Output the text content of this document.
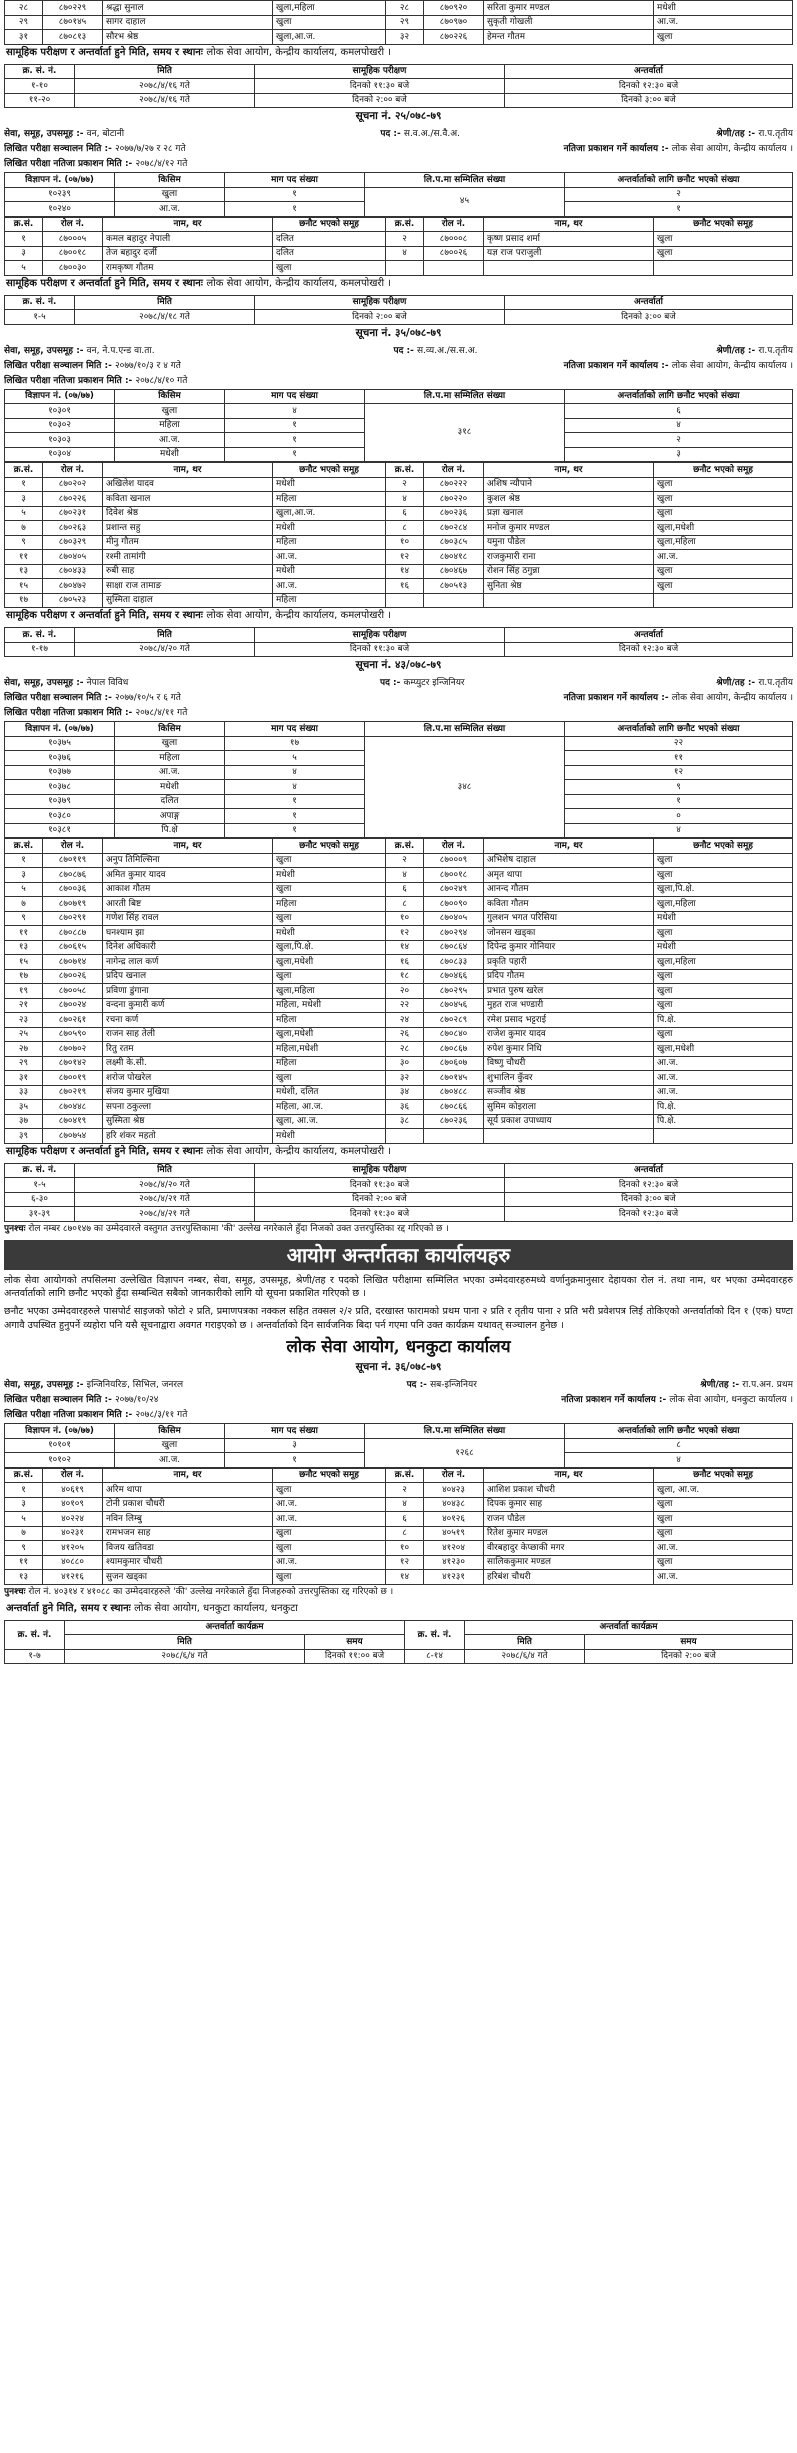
२८	८७०२२९	श्रद्धा सुनाल	खुला,महिला	२८	८७०९२०	सरिता कुमार मण्डल	मधेशी
२९	८७०१४५	सागर दाहाल	खुला	२९	८७०९७०	सुकृती गोखली	आ.ज.
३१	८७०८१३	सौरभ श्रेष्ठ	खुला,आ.ज.	३२	८७०२२६	हेमन्त गौतम	खुला
सामूहिक परीक्षण र अन्तर्वार्ता हुने मिति, समय र स्थानः लोक सेवा आयोग, केन्द्रीय कार्यालय, कमलपोखरी ।
क्र. सं. नं.	मिति	सामूहिक परीक्षण	अन्तर्वार्ता
१-१०	२०७८/४/१६ गते	दिनको ११:३० बजे	दिनको १२:३० बजे
११-२०	२०७८/४/१६ गते	दिनको २:०० बजे	दिनको ३:०० बजे
सूचना नं. २५/०७८-७९
सेवा, समूह, उपसमूह :- वन, बोटानी	पद :- स.व.अ./स.वै.अ.	श्रेणी/तह :- रा.प.तृतीय
लिखित परीक्षा सञ्चालन मिति :- २०७७/७/२७ र २८ गते	नतिजा प्रकाशन गर्ने कार्यालय :- लोक सेवा आयोग, केन्द्रीय कार्यालय ।
लिखित परीक्षा नतिजा प्रकाशन मिति :- २०७८/४/१२ गते
विज्ञापन नं. (०७/७७)	किसिम	माग पद संख्या	लि.प.मा सम्मिलित संख्या	अन्तर्वार्ताको लागि छनौट भएको संख्या
१०२३९	खुला	१	४५	२
१०२४०	आ.ज.	१		१
क्र.सं.	रोल नं.	नाम, थर	छनौट भएको समूह	क्र.सं.	रोल नं.	नाम, थर	छनौट भएको समूह
१	८७०००५	कमल बहादुर नेपाली	दलित	२	८७०००८	कृष्ण प्रसाद शर्मा	खुला
३	८७००१८	तेज बहादुर दर्जी	दलित	४	८७००२६	यज्ञ राज पराजुली	खुला
५	८७००३०	रामकृष्ण गौतम	खुला				
सामूहिक परीक्षण र अन्तर्वार्ता हुने मिति, समय र स्थानः लोक सेवा आयोग, केन्द्रीय कार्यालय, कमलपोखरी ।
क्र. सं. नं.	मिति	सामूहिक परीक्षण	अन्तर्वार्ता
१-५	२०७८/४/१८ गते	दिनको २:०० बजे	दिनको ३:०० बजे
सूचना नं. ३५/०७८-७९
सेवा, समूह, उपसमूह :- वन, ने.प.एन्ड वा.ता.	पद :- स.व्य.अ./स.स.अ.	श्रेणी/तह :- रा.प.तृतीय
लिखित परीक्षा सञ्चालन मिति :- २०७७/१०/३ र ४ गते	नतिजा प्रकाशन गर्ने कार्यालय :- लोक सेवा आयोग, केन्द्रीय कार्यालय ।
लिखित परीक्षा नतिजा प्रकाशन मिति :- २०७८/४/१० गते
विज्ञापन नं. (०७/७७)	किसिम	माग पद संख्या	लि.प.मा सम्मिलित संख्या	अन्तर्वार्ताको लागि छनौट भएको संख्या
१०३०१	खुला	४	३१८	६
१०३०२	महिला	१		४
१०३०३	आ.ज.	१		२
१०३०४	मधेशी	१		३
क्र.सं.	रोल नं.	नाम, थर	छनौट भएको समूह	क्र.सं.	रोल नं.	नाम, थर	छनौट भएको समूह
१	८७०२०२	अखिलेश यादव	मधेशी	२	८७०२२२	अशिष न्यौपाने	खुला
३	८७०२२६	कविता खनाल	महिला	४	८७०२२०	कुशल श्रेष्ठ	खुला
५	८७०२३१	दिवेश श्रेष्ठ	खुला,आ.ज.	६	८७०२३६	प्रज्ञा खनाल	खुला
७	८७०२६३	प्रशान्त सहु	मधेशी	८	८७०२८४	मनोज कुमार मण्डल	खुला,मधेशी
९	८७०३२९	मीनु गौतम	महिला	१०	८७०३८५	यमुना पौडेल	खुला,महिला
११	८७०४०५	रश्मी तामांगी	आ.ज.	१२	८७०४१८	राजकुमारी राना	आ.ज.
१३	८७०४३३	रुबी साह	मधेशी	१४	८७०४६७	रोशन सिंह ठगुन्ना	खुला
१५	८७०४७२	साक्षा राज तामाङ	आ.ज.	१६	८७०५१३	सुनिता श्रेष्ठ	खुला
१७	८७०५२३	सुस्मिता दाहाल	महिला				
सामूहिक परीक्षण र अन्तर्वार्ता हुने मिति, समय र स्थानः लोक सेवा आयोग, केन्द्रीय कार्यालय, कमलपोखरी ।
क्र. सं. नं.	मिति	सामूहिक परीक्षण	अन्तर्वार्ता
१-१७	२०७८/४/२० गते	दिनको ११:३० बजे	दिनको १२:३० बजे
सूचना नं. ४३/०७८-७९
सेवा, समूह, उपसमूह :- नेपाल विविध	पद :- कम्प्युटर इन्जिनियर	श्रेणी/तह :- रा.प.तृतीय
लिखित परीक्षा सञ्चालन मिति :- २०७७/१०/५ र ६ गते	नतिजा प्रकाशन गर्ने कार्यालय :- लोक सेवा आयोग, केन्द्रीय कार्यालय ।
लिखित परीक्षा नतिजा प्रकाशन मिति :- २०७८/४/११ गते
विज्ञापन नं. (०७/७७)	किसिम	माग पद संख्या	लि.प.मा सम्मिलित संख्या	अन्तर्वार्ताको लागि छनौट भएको संख्या
१०३७५	खुला	१७	३४८	२२
१०३७६	महिला	५		११
१०३७७	आ.ज.	४		१२
१०३७८	मधेशी	४		९
१०३७९	दलित	१		१
१०३८०	अपाङ्ग	१		०
१०३८१	पि.क्षे	१		४
क्र.सं.	रोल नं.	नाम, थर	छनौट भएको समूह	क्र.सं.	रोल नं.	नाम, थर	छनौट भएको समूह
१	८७०११९	अनुप तिमिल्सिना	खुला	२	८७०००९	अभिशेष दाहाल	खुला
३	८७०८७६	अमित कुमार यादव	मधेशी	४	८७००१८	अमृत थापा	खुला
५	८७००३६	आकाश गौतम	खुला	६	८७०२४९	आनन्द गौतम	खुला,पि.क्षे.
७	८७०७१९	आरती बिष्ट	महिला	८	८७००९०	कविता गौतम	खुला,महिला
९	८७०२९१	गणेश सिंह रावल	खुला	१०	८७०४०५	गुलशन भगत परिसिया	मधेशी
११	८७०८८७	घनश्याम झा	मधेशी	१२	८७०२९४	जोनसन खड्का	खुला
१३	८७०६१५	दिनेश अधिकारी	खुला,पि.क्षे.	१४	८७०८६४	दिपेन्द्र कुमार गोनियार	मधेशी
१५	८७०७१४	नागेन्द्र लाल कर्ण	खुला,मधेशी	१६	८७०८३३	प्रकृति पहारी	खुला,महिला
१७	८७००२६	प्रदिप खनाल	खुला	१८	८७०४६६	प्रदिप गौतम	खुला
१९	८७००५८	प्रविणा डुंगाना	खुला,महिला	२०	८७०२९५	प्रभात पुरुष खरेल	खुला
२१	८७००२४	वन्दना कुमारी कर्ण	महिला, मधेशी	२२	८७०४५६	मुहत राज भण्डारी	खुला
२३	८७०२६१	रचना कर्ण	महिला	२४	८७०२८९	रमेश प्रसाद भट्टराई	पि.क्षे.
२५	८७०५९०	राजन साह तेली	खुला,मधेशी	२६	८७०८४०	राजेश कुमार यादव	खुला
२७	८७०७०२	रितु रतम	महिला,मधेशी	२८	८७०८६७	रुपेश कुमार निधि	खुला,मधेशी
२९	८७०१४२	लक्ष्मी के.सी.	महिला	३०	८७०६०७	विष्णु चौधरी	आ.ज.
३१	८७००१९	शरोज पोखरेल	खुला	३२	८७०१४५	शुभालिन कुँवर	आ.ज.
३३	८७०२१९	संजय कुमार मुखिया	मधेशी, दलित	३४	८७०४८८	सञ्जीव श्रेष्ठ	आ.ज.
३५	८७०४४८	सपना ठकुल्ला	महिला, आ.ज.	३६	८७०८६६	सुमिम कोइराला	पि.क्षे.
३७	८७०४१९	सुस्मिता श्रेष्ठ	खुला, आ.ज.	३८	८७०२३६	सूर्य प्रकाश उपाध्याय	पि.क्षे.
३९	८७०७५४	हरि शंकर महतो	मधेशी				
सामूहिक परीक्षण र अन्तर्वार्ता हुने मिति, समय र स्थानः लोक सेवा आयोग, केन्द्रीय कार्यालय, कमलपोखरी ।
क्र. सं. नं.	मिति	सामूहिक परीक्षण	अन्तर्वार्ता
१-५	२०७८/४/२० गते	दिनको ११:३० बजे	दिनको १२:३० बजे
६-३०	२०७८/४/२१ गते	दिनको २:०० बजे	दिनको ३:०० बजे
३१-३९	२०७८/४/२१ गते	दिनको ११:३० बजे	दिनको १२:३० बजे
पुनश्चः रोल नम्बर ८७०१४७ का उम्मेदवारले वस्तुगत उत्तरपुस्तिकामा 'की' उल्लेख नगरेकाले हुँदा निजको उक्त उत्तरपुस्तिका रद्द गरिएको छ ।
आयोग अन्तर्गतका कार्यालयहरु
लोक सेवा आयोगको तपसिलमा उल्लेखित विज्ञापन नम्बर, सेवा, समूह, उपसमूह, श्रेणी/तह र पदको लिखित परीक्षामा सम्मिलित भएका उम्मेदवारहरुमध्ये वर्णानुक्रमानुसार देहायका रोल नं. तथा नाम, थर भएका उम्मेदवारहरु अन्तर्वार्ताको लागि छनौट भएको हुँदा सम्बन्धित सबैको जानकारीको लागि यो सूचना प्रकाशित गरिएको छ ।
छनौट भएका उम्मेदवारहरुले पासपोर्ट साइजको फोटो २ प्रति, प्रमाणपत्रका नक्कल सहित तक्सल २/२ प्रति, दरखास्त फारामको प्रथम पाना २ प्रति र तृतीय पाना २ प्रति भरी प्रवेशपत्र लिई तोकिएको अन्तर्वार्ताको दिन १ (एक) घण्टा अगावै उपस्थित हुनुपर्ने व्यहोरा पनि यसै सूचनाद्वारा अवगत गराइएको छ । अन्तर्वार्ताको दिन सार्वजनिक बिदा पर्न गएमा पनि उक्त कार्यक्रम यथावत् सञ्चालन हुनेछ ।
लोक सेवा आयोग, धनकुटा कार्यालय
सूचना नं. ३६/०७८-७९
सेवा, समूह, उपसमूह :- इन्जिनियरिङ, सिभिल, जनरल	पद :- सब-इन्जिनियर	श्रेणी/तह :- रा.प.अन. प्रथम
लिखित परीक्षा सञ्चालन मिति :- २०७७/१०/२४	नतिजा प्रकाशन गर्ने कार्यालय :- लोक सेवा आयोग, धनकुटा कार्यालय ।
लिखित परीक्षा नतिजा प्रकाशन मिति :- २०७८/३/११ गते
विज्ञापन नं. (०७/७७)	किसिम	माग पद संख्या	लि.प.मा सम्मिलित संख्या	अन्तर्वार्ताको लागि छनौट भएको संख्या
१०१०१	खुला	३	१२६८	८
१०१०२	आ.ज.	१		४
क्र.सं.	रोल नं.	नाम, थर	छनौट भएको समूह	क्र.सं.	रोल नं.	नाम, थर	छनौट भएको समूह
१	४०६१९	अरिम थापा	खुला	२	४०४२३	आशिश प्रकाश चौधरी	खुला, आ.ज.
३	४०१०९	टोनी प्रकाश चौधरी	आ.ज.	४	४०४३८	दिपक कुमार साह	खुला
५	४०२२४	नविन लिम्बु	आ.ज.	६	४०१२६	राजन पौडेल	खुला
७	४०२३१	रामभजन साह	खुला	८	४०५१९	रितेश कुमार मण्डल	खुला
९	४१२०५	विजय खतिवडा	खुला	१०	४१२०४	वीरबहादुर केप्छाकी मगर	आ.ज.
११	४०८८०	श्यामकुमार चौधरी	आ.ज.	१२	४१२३०	सालिककुमार मण्डल	खुला
१३	४१२१६	सुजन खड्का	खुला	१४	४१२३१	हरिबंश चौधरी	आ.ज.
पुनश्चः रोल नं. ४०३१४ र ४१०८८ का उम्मेदवारहरुले 'की' उल्लेख नगरेकाले हुँदा निजहरुको उत्तरपुस्तिका रद्द गरिएको छ ।
अन्तर्वार्ता हुने मिति, समय र स्थानः लोक सेवा आयोग, धनकुटा कार्यालय, धनकुटा
क्र. सं. नं.	अन्तर्वार्ता कार्यक्रम		क्र. सं. नं.	अन्तर्वार्ता कार्यक्रम	
	मिति	समय		मिति	समय
१-७	२०७८/६/४ गते	दिनको ११:०० बजे	८-१४	२०७८/६/४ गते	दिनको २:०० बजे
